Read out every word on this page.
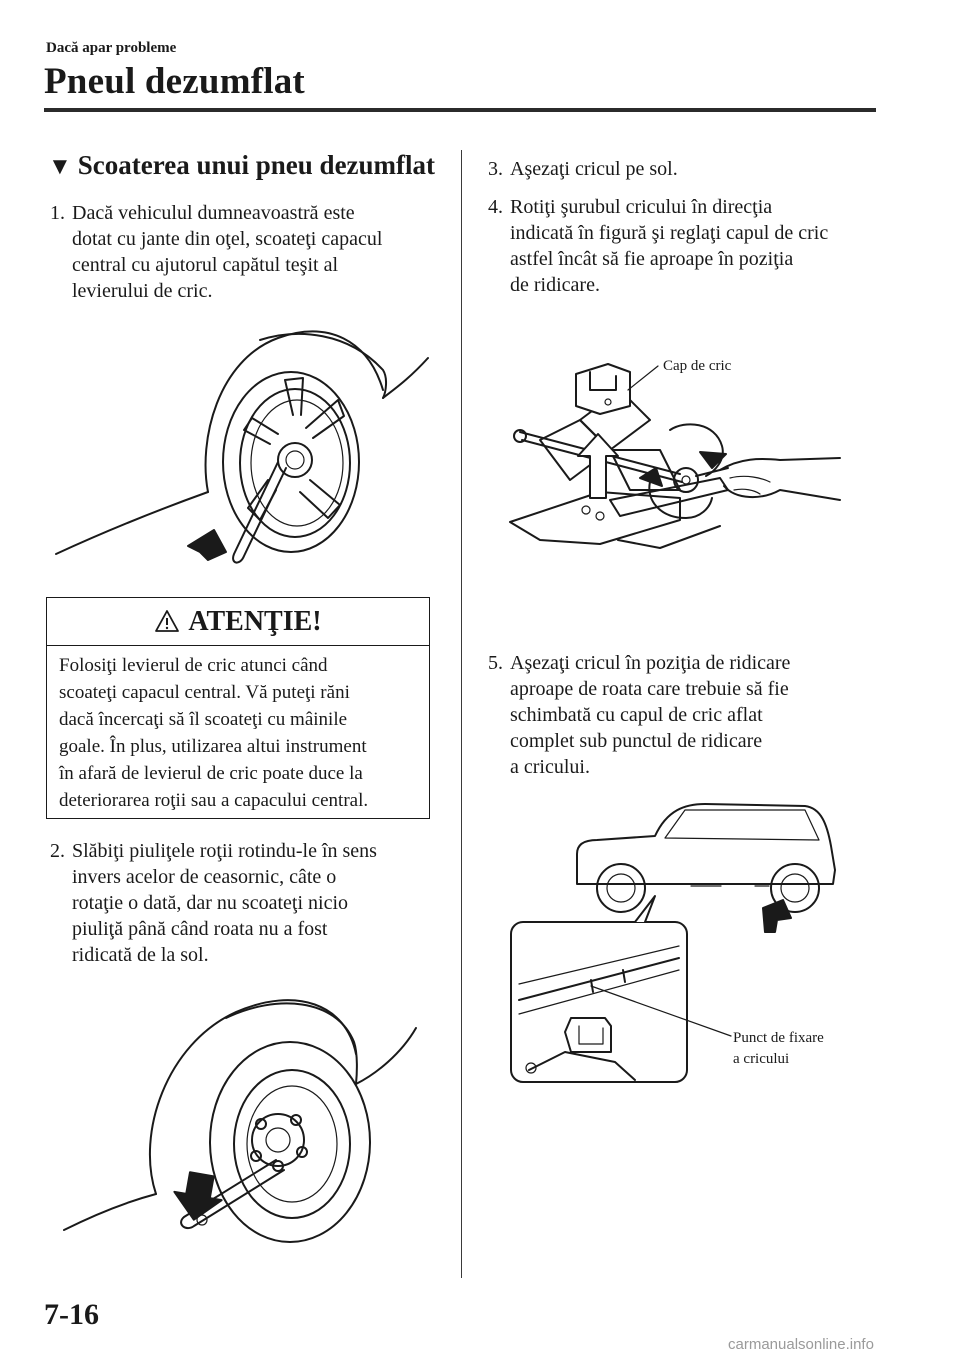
Dacă apar probleme
Pneul dezumflat
▼ Scoaterea unui pneu dezumflat
1. Dacă vehiculul dumneavoastră este
dotat cu jante din oţel, scoateţi capacul
central cu ajutorul capătul teşit al
levierului de cric.
ATENŢIE!
Folosiţi levierul de cric atunci când
scoateţi capacul central. Vă puteţi răni
dacă încercaţi să îl scoateţi cu mâinile
goale. În plus, utilizarea altui instrument
în afară de levierul de cric poate duce la
deteriorarea roţii sau a capacului central.
2. Slăbiţi piuliţele roţii rotindu-le în sens
invers acelor de ceasornic, câte o
rotaţie o dată, dar nu scoateţi nicio
piuliţă până când roata nu a fost
ridicată de la sol.
3. Aşezaţi cricul pe sol.
4. Rotiţi şurubul cricului în direcţia
indicată în figură şi reglaţi capul de cric
astfel încât să fie aproape în poziţia
de ridicare.
Cap de cric
5. Aşezaţi cricul în poziţia de ridicare
aproape de roata care trebuie să fie
schimbată cu capul de cric aflat
complet sub punctul de ridicare
a cricului.
Punct de fixare
a cricului
7-16
carmanualsonline.info
